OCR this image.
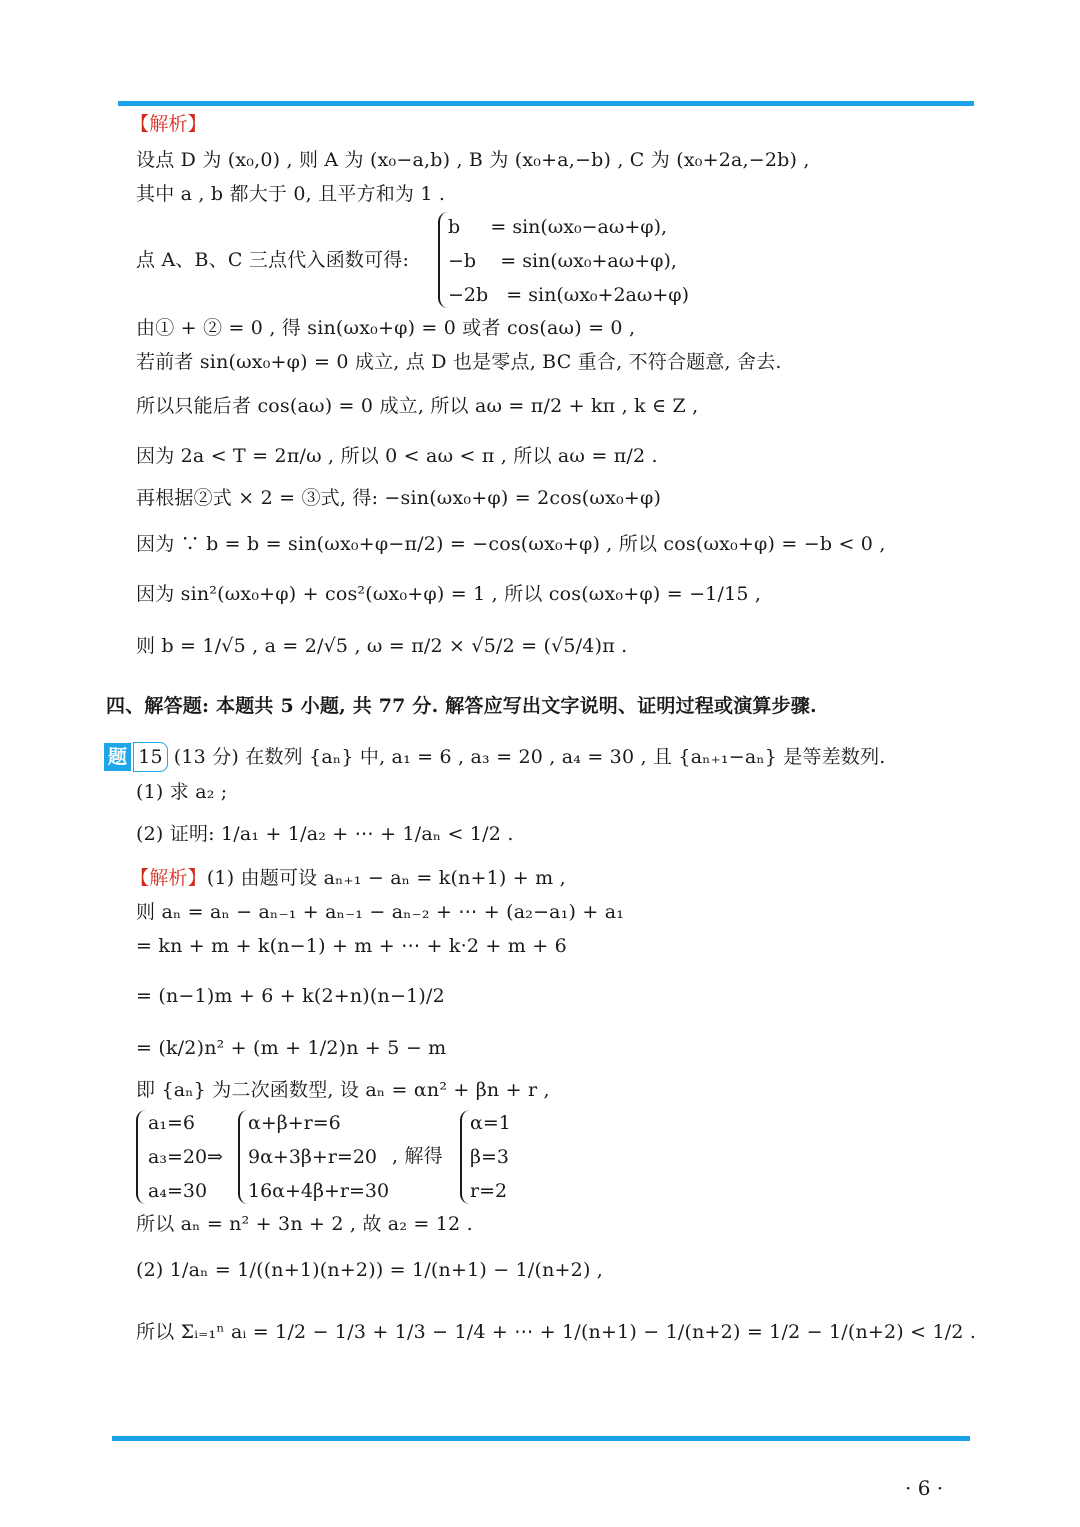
【解析】
设点 D 为 (x₀,0) , 则 A 为 (x₀−a,b) , B 为 (x₀+a,−b) , C 为 (x₀+2a,−2b) ,
其中 a , b 都大于 0, 且平方和为 1 .
点 A、B、C 三点代入函数可得:
b     = sin(ωx₀−aω+φ),
−b    = sin(ωx₀+aω+φ),
−2b   = sin(ωx₀+2aω+φ)
由① + ② = 0 , 得 sin(ωx₀+φ) = 0 或者 cos(aω) = 0 ,
若前者 sin(ωx₀+φ) = 0 成立, 点 D 也是零点, BC 重合, 不符合题意, 舍去.
所以只能后者 cos(aω) = 0 成立, 所以 aω = π/2 + kπ , k ∈ Z ,
因为 2a < T = 2π/ω , 所以 0 < aω < π , 所以 aω = π/2 .
再根据②式 × 2 = ③式, 得: −sin(ωx₀+φ) = 2cos(ωx₀+φ)
因为 ∵ b = b = sin(ωx₀+φ−π/2) = −cos(ωx₀+φ) , 所以 cos(ωx₀+φ) = −b < 0 ,
因为 sin²(ωx₀+φ) + cos²(ωx₀+φ) = 1 , 所以 cos(ωx₀+φ) = −1/15 ,
则 b = 1/√5 , a = 2/√5 , ω = π/2 × √5/2 = (√5/4)π .
四、解答题: 本题共 5 小题, 共 77 分. 解答应写出文字说明、证明过程或演算步骤.
题 15 (13 分) 在数列 {aₙ} 中, a₁ = 6 , a₃ = 20 , a₄ = 30 , 且 {aₙ₊₁−aₙ} 是等差数列.
(1) 求 a₂ ;
(2) 证明: 1/a₁ + 1/a₂ + ⋯ + 1/aₙ < 1/2 .
【解析】(1) 由题可设 aₙ₊₁ − aₙ = k(n+1) + m ,
则 aₙ = aₙ − aₙ₋₁ + aₙ₋₁ − aₙ₋₂ + ⋯ + (a₂−a₁) + a₁
= kn + m + k(n−1) + m + ⋯ + k·2 + m + 6
= (n−1)m + 6 + k(2+n)(n−1)/2
= (k/2)n² + (m + 1/2)n + 5 − m
即 {aₙ} 为二次函数型, 设 aₙ = αn² + βn + r ,
a₁=6
a₃=20⇒
a₄=30
α+β+r=6
9α+3β+r=20
16α+4β+r=30
, 解得
α=1
β=3
r=2
所以 aₙ = n² + 3n + 2 , 故 a₂ = 12 .
(2) 1/aₙ = 1/((n+1)(n+2)) = 1/(n+1) − 1/(n+2) ,
所以 Σᵢ₌₁ⁿ aᵢ = 1/2 − 1/3 + 1/3 − 1/4 + ⋯ + 1/(n+1) − 1/(n+2) = 1/2 − 1/(n+2) < 1/2 .
· 6 ·
